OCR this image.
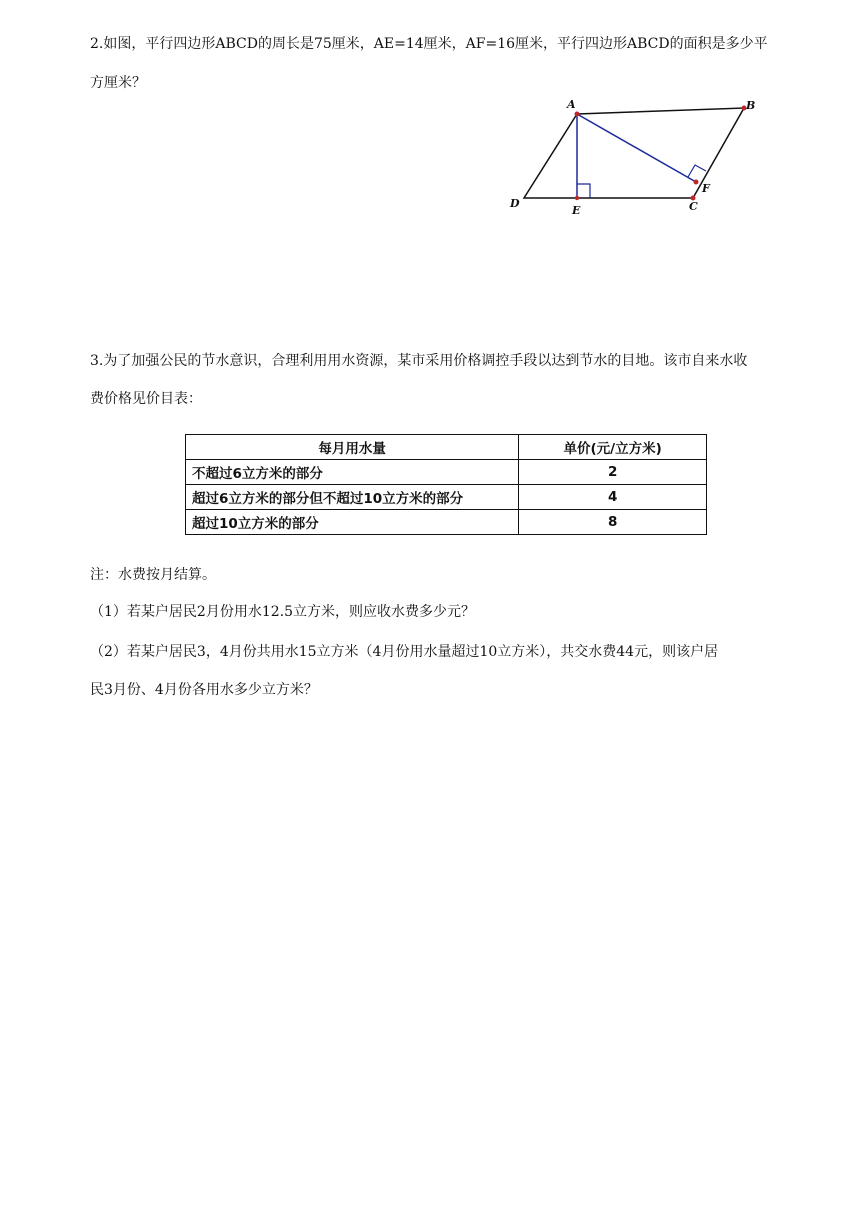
2.如图，平行四边形ABCD的周长是75厘米，AE=14厘米，AF=16厘米，平行四边形ABCD的面积是多少平
方厘米？
A	B
C
D
E
F
3.为了加强公民的节水意识，合理利用用水资源，某市采用价格调控手段以达到节水的目地。该市自来水收
费价格见价目表：
每月用水量	单价(元/立方米)
不超过6立方米的部分	2
超过6立方米的部分但不超过10立方米的部分	4
超过10立方米的部分	8
注：水费按月结算。
（1）若某户居民2月份用水12.5立方米，则应收水费多少元？
（2）若某户居民3，4月份共用水15立方米（4月份用水量超过10立方米），共交水费44元，则该户居
民3月份、4月份各用水多少立方米？
